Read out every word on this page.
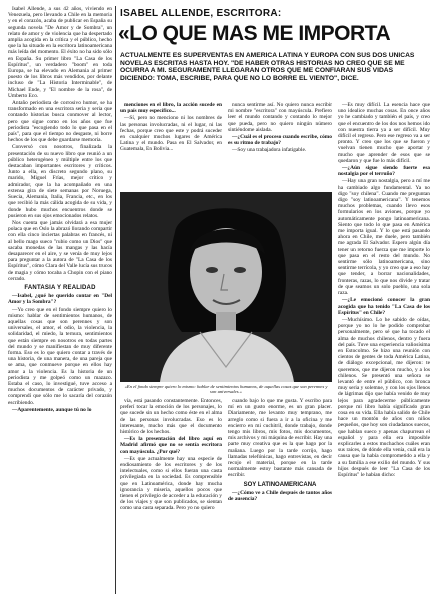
Isabel Allende, a sus 42 años, viviendo en Venezuela, pero llevando a Chile en la memoria y en el corazón, acaba de publicar en España su segunda novela "De Amor y de Sombra", un relato de amor y de violencia que ha despertado amplia acogida en la crítica y el público, hecho que la ha situado en la escritora latinoamericana más leída del momento. El éxito no ha sido sólo en España. Su primer libro "La Casa de los Espíritus", un verdadero "boom" en toda Europa, se ha elevado en Alemania al primer puesto de los libros más vendidos, por delante incluso de "La Historia Interminable", de Michael Ende, y "El nombre de la rosa", de Umberto Eco.

Antaño periodista de corrosivo humor, se ha transformado en una escritora seria y seria que contando historias busca conmover al lector, pero que sigue como en los años que fue periodista "escogiendo todo lo que pasa en el país", para que el tiempo no desgaste, ni borre hechos de los que debe guardarse memoria.

Conversó con nosotros, finalizada la presentación de su nuevo libro que reunió a un público heterogéneo y múltiple entre los que destacaban importantes escritores y críticos. Junto a ella, en discreto segundo plano, su marido, Miguel Frías, mejor crítico y admirador, que la ha acompañado en una extensa gira de siete semanas por Noruega, Suecia, Alemania, Italia, Francia, etc., en los que recibió la más cálida acogida de su vida, y donde hubo muchos encuentros donde se pusieron en sus ojos emocionados relatos.

Nos cuenta que jamás olvidará a esa mujer polaca que en Oslo la abrazó llorando compartir con ella cinco inciertas palabras en francés, ni al bello mago sueco "rubio como un Dios" que sacaba monedas de las mangas y las hacía desaparecer en el aire, y se venía de muy lejos para preguntar a la autora de "La Casa de los Espíritus", cómo Clara del Valle lucía sus trucos de magia y cómo tocaba a Chopin con el piano cerrado.

FANTASIA Y REALIDAD

—Isabel, ¿qué he querido contar en "Del Amor y la Sombra"?

—Yo creo que en el fondo siempre quiero lo mismo: hablar de sentimientos humanos, de aquellas cosas que son perennes y son universales, el amor, el odio, la violencia, la solidaridad, el miedo, la ternura, sentimientos que están siempre en nosotros en todas partes del mundo y se manifiestan de muy diferente forma. Eso es lo que quiero contar a través de una historia, de una manera, de una pareja que se ama, que conmueve porque en ellos hay amor a la violencia. Es la historia de un periodista y me golpeó como un mazazo. Estaba el caso, lo investigué, tuve acceso a muchos documentos de carácter privado, y comprendí que sólo me lo sacaría del corazón escribiendo.

—Aparentemente, aunque tú no lo

ISABEL ALLENDE, ESCRITORA:
«LO QUE MAS ME IMPORTA
ACTUALMENTE ES SUPERVENTAS EN AMERICA LATINA Y EUROPA CON SUS DOS UNICAS NOVELAS ESCRITAS HASTA HOY. "DE HABER OTRAS HISTORIAS NO CREO QUE SE ME OCURRA A MI. SEGURAMENTE LLEGARAN OTROS QUE ME CONFIARAN SUS VIDAS DICIENDO: TOMA, ESCRIBE, PARA QUE NO LO BORRE EL VIENTO", DICE.

menciones en el libro, la acción sucede en un país muy específico...

—Sí, pero no menciono ni los nombres de las personas involucradas, ni el lugar, ni las fechas, porque creo que este y podrá suceder en cualquier muchos lugares de América Latina y el mundo. Pasa en El Salvador, en Guatemala, En Bolivia...

nunca sentirme así. No quiero nunca escribir mi nombre "escritora" con mayúscula. Prefiero leer el mundo contando y contando lo mejor que pueda, pero no quiero ningún número sintiéndome aislada.

—¿Cuál es el proceso cuando escribe, cómo es su ritmo de trabajo?

—Soy una trabajadora infatigable.

«En el fondo siempre quiero lo mismo: hablar de sentimientos humanos, de aquellas cosas que son perennes y son universales.»

vía, está pasando constantemente. Entonces, preferí tocar la emoción de los personajes, lo que sucede sin un hecho como éste en el alma de las personas involucradas. Eso es lo interesante, mucho más que el documento histórico de los hechos.

—Es la presentación del libro aquí en Madrid afirmó que no se sentía escritora con mayúscula. ¿Por qué?

—Es que actualmente hay una especie de endiosamiento de los escritores y de los intelectuales, como si ellos fueran una casta privilegiada en la sociedad. Es comprensible que en Latinoamérica, donde hay mucha ignorancia y miseria, aquellos pocos que tienen el privilegio de acceder a la educación y de los viajes y que son publicados, se sientan como una casta separada. Pero yo no quiero

cuando bajo lo que me gusta. Y escribo para mí en un gusto enorme, es un gran placer. Diariamente, me levanto muy temprano, me arreglo como si fuera a ir a la oficina y me encierro en mi cuchitril, donde trabajo, donde tengo mis libros, mis fotos, mis documentos, mis archivos y mi máquina de escribir. Hay una parte muy creativa que es la que hago por la mañana. Luego por la tarde corrijo, hago llamadas telefónicas, hago entrevistas, en decir recojo el material, porque en la tarde normalmente estoy bastante más cansada de escribir.

SOY LATINOAMERICANA

—¿Cómo ve a Chile después de tantos años de ausencia?

—Es muy difícil. La esencia hace que uno idealice muchas cosas. En once años yo he cambiado y también el país, y creo que el encuentro de los dos nos hemos ido con nuestra tierra ya a ser difícil. Muy difícil el regreso. Pero ese regreso va a ser pronto. Y creo que los que se fueron y vuelvan tienen mucho que aportar y mucho que aprender de esos que se quedaron y que fue lo más difícil.

—¿Aún sigue siendo fuerte esa nostalgia por el terruño?

—Hay una gran nostalgia, pero a mí me ha cambiado algo fundamental. Ya no digo "soy chilena". Cuando me preguntan digo "soy latinoamericana". Y tenemos muchos problemas, cuando llevo esos formularios en los aviones, porque yo automáticamente pongo latinoamericana. Siento que todo lo que pasa en América me importa igual. Y lo que está pasando ahora en Chile, me duele, pero también me agrada El Salvador. Espero algún día tener un retorno fuerza que me importe lo que pasa en el resto del mundo. No sentirme sólo latinoamericana, sino sentirme terrícola, y yo creo que a eso hay que tender, a borrar nacionalidades, fronteras, razas, lo que nos divide y tratar de que seamos un solo pueblo, una sola raza.

—¿Le emocionó conocer la gran acogida que ha tenido "La Casa de los Espíritus" en Chile?

—Muchísimo. Lo he sabido de oídas, porque yo no lo he podido comprobar personalmente, pero sé que ha tocado el alma de muchos chilenos, dentro y fuera del país. Tuve una experiencia valiosísima en Estocolmo. Se hizo una reunión con cientos de gentes de toda América Latina, de diálogo excepcional, me dijeron: te queremos, que me dijeron mucho, y a los chilenos. Se presentó una señora se levantó de entre el público, con bronca muy seria y solemne, y con los ojos llenos de lágrimas dijo que había venido de muy lejos para agradecerme públicamente porque mi libro había significado gran cosa en su vida. Ella había salido de Chile hace un montón de años con niños pequeños, que hoy son ciudadanos suecos, que hablan sueco y apenas chapurrean el español y para ella era imposible explicarles a estos muchachos cuáles eran sus raíces, de dónde ella venía, cuál era la causa que la había comprometido a ella y a su familia a ese exilio del mundo. Y sus hijos después de leer "La Casa de los Espíritus" le habían dicho:
